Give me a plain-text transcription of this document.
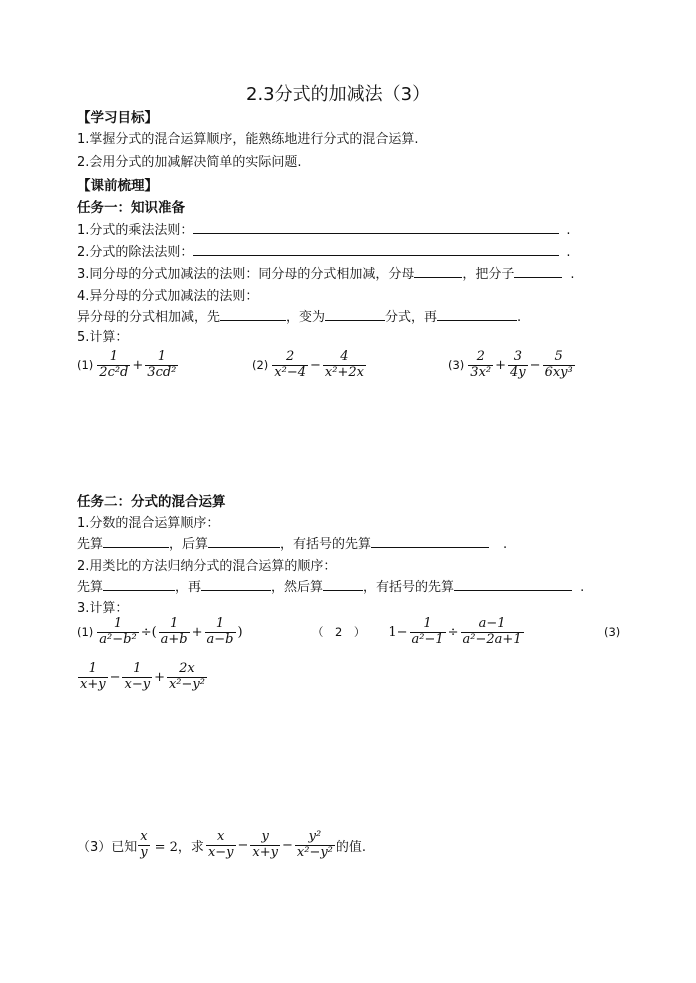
2.3分式的加减法（3）
【学习目标】
1.掌握分式的混合运算顺序，能熟练地进行分式的混合运算.
2.会用分式的加减解决简单的实际问题.
【课前梳理】
任务一：知识准备
1.分式的乘法法则：	.
2.分式的除法法则：	.
3.同分母的分式加减法的法则：同分母的分式相加减，分母	，把分子	.
4.异分母的分式加减法的法则：
异分母的分式相加减，先	，变为	分式，再	.
5.计算：
$(1) \frac{1}{\text{2c²d}} + \frac{1}{\text{3cd²}}$	$(2) \frac{2}{\text{x²−4}} - \frac{4}{\text{x²+2x}}$	$(3) \frac{2}{\text{3x²}} + \frac{3}{4y} - \frac{5}{\text{6xy³}}$
任务二：分式的混合运算
1.分数的混合运算顺序：
先算	，后算	，有括号的先算	.
2.用类比的方法归纳分式的混合运算的顺序：
先算	，再	，然后算	，有括号的先算	.
3.计算：
$(1) \frac{1}{\text{a²−b²}}$ ÷( $\frac{1}{a+b} + \frac{1}{a-b}$ )	（　2　） $1- \frac{1}{\text{a²−1}} \div \frac{a-1}{\text{a²−2a+1}}$	(3)
$\frac{1}{x+y} - \frac{1}{x-y} + \frac{2x}{\text{x²−y²}}$
（3）已知 $\frac{x}{y} = 2$，求 $\frac{x}{x-y} - \frac{y}{x+y} - \frac{\text{y²}}{\text{x²−y²}}$ 的值.
